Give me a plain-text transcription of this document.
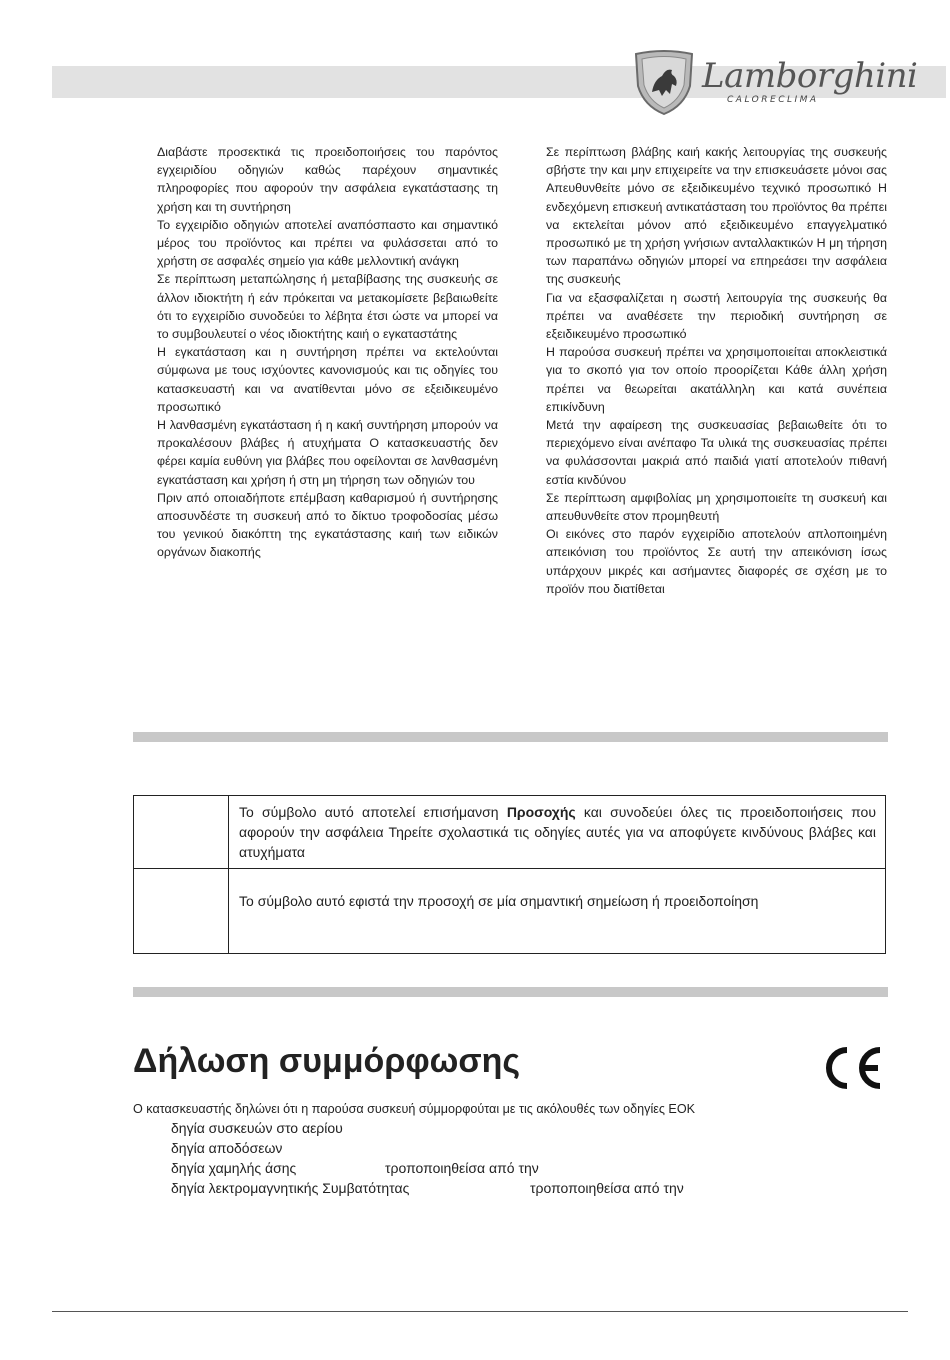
Lamborghini
CALORECLIMA

Διαβάστε προσεκτικά τις προειδοποιήσεις του παρόντος εγχειριδίου οδηγιών καθώς παρέχουν σημαντικές πληροφορίες που αφορούν την ασφάλεια εγκατάστασης τη χρήση και τη συντήρηση

Το εγχειρίδιο οδηγιών αποτελεί αναπόσπαστο και σημαντικό μέρος του προϊόντος και πρέπει να φυλάσσεται από το χρήστη σε ασφαλές σημείο για κάθε μελλοντική ανάγκη

Σε περίπτωση μεταπώλησης ή μεταβίβασης της συσκευής σε άλλον ιδιοκτήτη ή εάν πρόκειται να μετακομίσετε βεβαιωθείτε ότι το εγχειρίδιο συνοδεύει το λέβητα έτσι ώστε να μπορεί να το συμβουλευτεί ο νέος ιδιοκτήτης καιή ο εγκαταστάτης

Η εγκατάσταση και η συντήρηση πρέπει να εκτελούνται σύμφωνα με τους ισχύοντες κανονισμούς και τις οδηγίες του κατασκευαστή και να ανατίθενται μόνο σε εξειδικευμένο προσωπικό

Η λανθασμένη εγκατάσταση ή η κακή συντήρηση μπορούν να προκαλέσουν βλάβες ή ατυχήματα Ο κατασκευαστής δεν φέρει καμία ευθύνη για βλάβες που οφείλονται σε λανθασμένη εγκατάσταση και χρήση ή στη μη τήρηση των οδηγιών του

Πριν από οποιαδήποτε επέμβαση καθαρισμού ή συντήρησης αποσυνδέστε τη συσκευή από το δίκτυο τροφοδοσίας μέσω του γενικού διακόπτη της εγκατάστασης καιή των ειδικών οργάνων διακοπής

Σε περίπτωση βλάβης καιή κακής λειτουργίας της συσκευής σβήστε την και μην επιχειρείτε να την επισκευάσετε μόνοι σας Απευθυνθείτε μόνο σε εξειδικευμένο τεχνικό προσωπικό Η ενδεχόμενη επισκευή αντικατάσταση του προϊόντος θα πρέπει να εκτελείται μόνον από εξειδικευμένο επαγγελματικό προσωπικό με τη χρήση γνήσιων ανταλλακτικών Η μη τήρηση των παραπάνω οδηγιών μπορεί να επηρεάσει την ασφάλεια της συσκευής

Για να εξασφαλίζεται η σωστή λειτουργία της συσκευής θα πρέπει να αναθέσετε την περιοδική συντήρηση σε εξειδικευμένο προσωπικό

Η παρούσα συσκευή πρέπει να χρησιμοποιείται αποκλειστικά για το σκοπό για τον οποίο προορίζεται Κάθε άλλη χρήση πρέπει να θεωρείται ακατάλληλη και κατά συνέπεια επικίνδυνη

Μετά την αφαίρεση της συσκευασίας βεβαιωθείτε ότι το περιεχόμενο είναι ανέπαφο Τα υλικά της συσκευασίας πρέπει να φυλάσσονται μακριά από παιδιά γιατί αποτελούν πιθανή εστία κινδύνου

Σε περίπτωση αμφιβολίας μη χρησιμοποιείτε τη συσκευή και απευθυνθείτε στον προμηθευτή

Οι εικόνες στο παρόν εγχειρίδιο αποτελούν απλοποιημένη απεικόνιση του προϊόντος Σε αυτή την απεικόνιση ίσως υπάρχουν μικρές και ασήμαντες διαφορές σε σχέση με το προϊόν που διατίθεται

	Το σύμβολο αυτό αποτελεί επισήμανση Προσοχής και συνοδεύει όλες τις προειδοποιήσεις που αφορούν την ασφάλεια Τηρείτε σχολαστικά τις οδηγίες αυτές για να αποφύγετε κινδύνους βλάβες και ατυχήματα
	Το σύμβολο αυτό εφιστά την προσοχή σε μία σημαντική σημείωση ή προειδοποίηση
Δήλωση συμμόρφωσης
Ο κατασκευαστής δηλώνει ότι η παρούσα συσκευή σύμμορφούται με τις ακόλουθές των οδηγίες ΕΟΚ
δηγία συσκευών στο αερίου
δηγία αποδόσεων
δηγία χαμηλής άσης	τροποποιηθείσα από την
δηγία λεκτρομαγνητικής Συμβατότητας	τροποποιηθείσα από την
